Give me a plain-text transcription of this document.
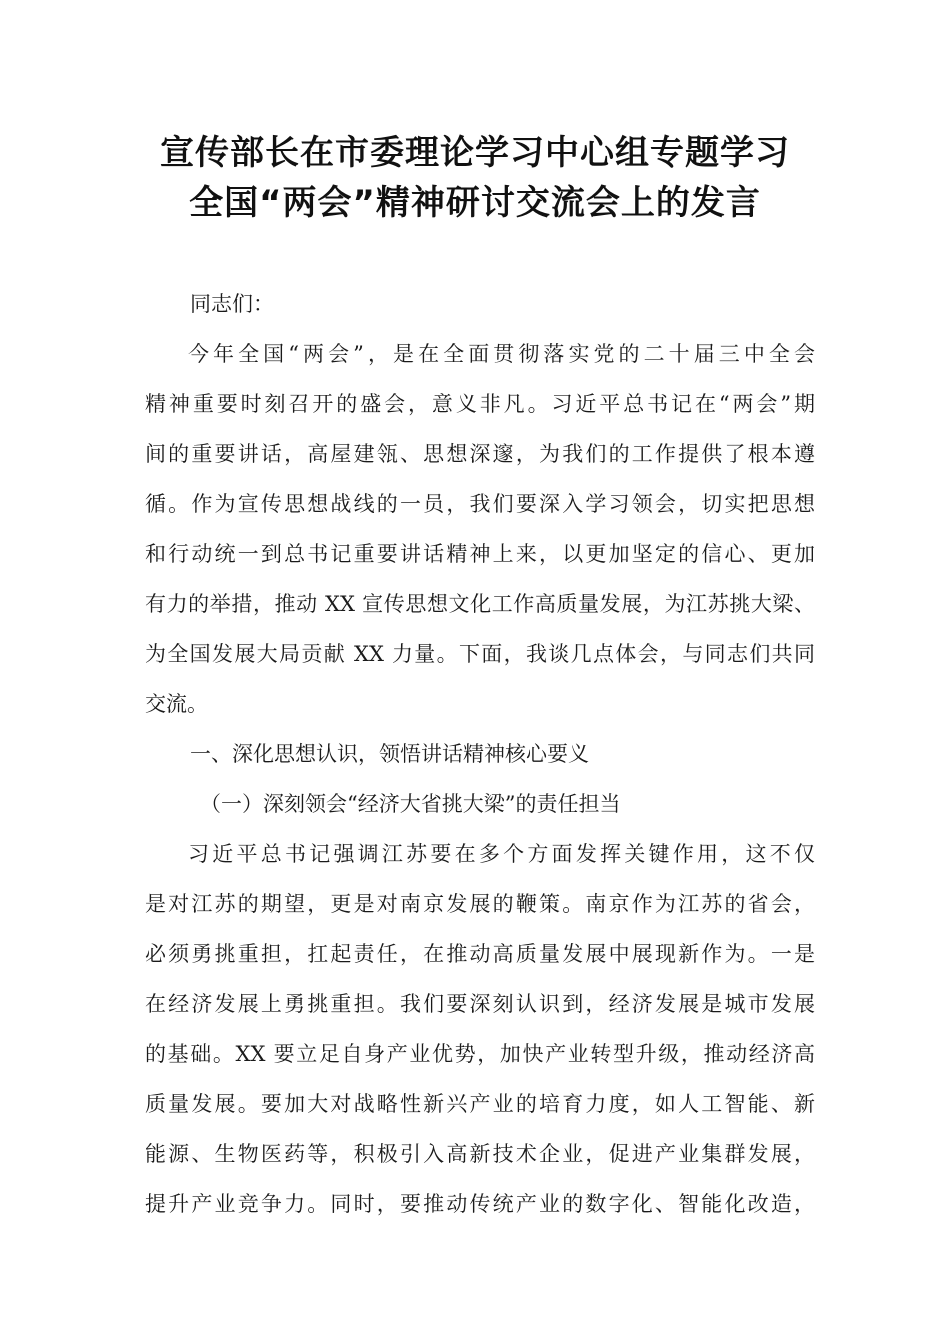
宣传部长在市委理论学习中心组专题学习
全国“两会”精神研讨交流会上的发言
同志们：
今年全国“两会”，是在全面贯彻落实党的二十届三中全会
精神重要时刻召开的盛会，意义非凡。习近平总书记在“两会”期
间的重要讲话，高屋建瓴、思想深邃，为我们的工作提供了根本遵
循。作为宣传思想战线的一员，我们要深入学习领会，切实把思想
和行动统一到总书记重要讲话精神上来，以更加坚定的信心、更加
有力的举措，推动 XX 宣传思想文化工作高质量发展，为江苏挑大梁、
为全国发展大局贡献 XX 力量。下面，我谈几点体会，与同志们共同
交流。
一、深化思想认识，领悟讲话精神核心要义
（一）深刻领会“经济大省挑大梁”的责任担当
习近平总书记强调江苏要在多个方面发挥关键作用，这不仅
是对江苏的期望，更是对南京发展的鞭策。南京作为江苏的省会，
必须勇挑重担，扛起责任，在推动高质量发展中展现新作为。一是
在经济发展上勇挑重担。我们要深刻认识到，经济发展是城市发展
的基础。XX 要立足自身产业优势，加快产业转型升级，推动经济高
质量发展。要加大对战略性新兴产业的培育力度，如人工智能、新
能源、生物医药等，积极引入高新技术企业，促进产业集群发展，
提升产业竞争力。同时，要推动传统产业的数字化、智能化改造，
